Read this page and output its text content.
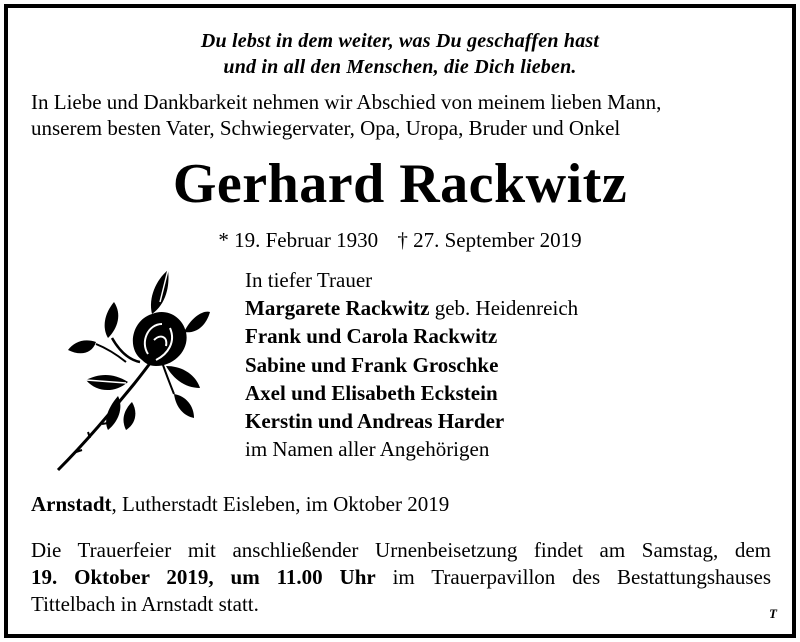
Du lebst in dem weiter, was Du geschaffen hast
und in all den Menschen, die Dich lieben.
In Liebe und Dankbarkeit nehmen wir Abschied von meinem lieben Mann,
unserem besten Vater, Schwiegervater, Opa, Uropa, Bruder und Onkel
Gerhard Rackwitz
* 19. Februar 1930 † 27. September 2019
In tiefer Trauer
Margarete Rackwitz geb. Heidenreich
Frank und Carola Rackwitz
Sabine und Frank Groschke
Axel und Elisabeth Eckstein
Kerstin und Andreas Harder
im Namen aller Angehörigen
Arnstadt, Lutherstadt Eisleben, im Oktober 2019
Die Trauerfeier mit anschließender Urnenbeisetzung findet am Samstag, dem
19. Oktober 2019, um 11.00 Uhr im Trauerpavillon des Bestattungshauses
Tittelbach in Arnstadt statt.	T
